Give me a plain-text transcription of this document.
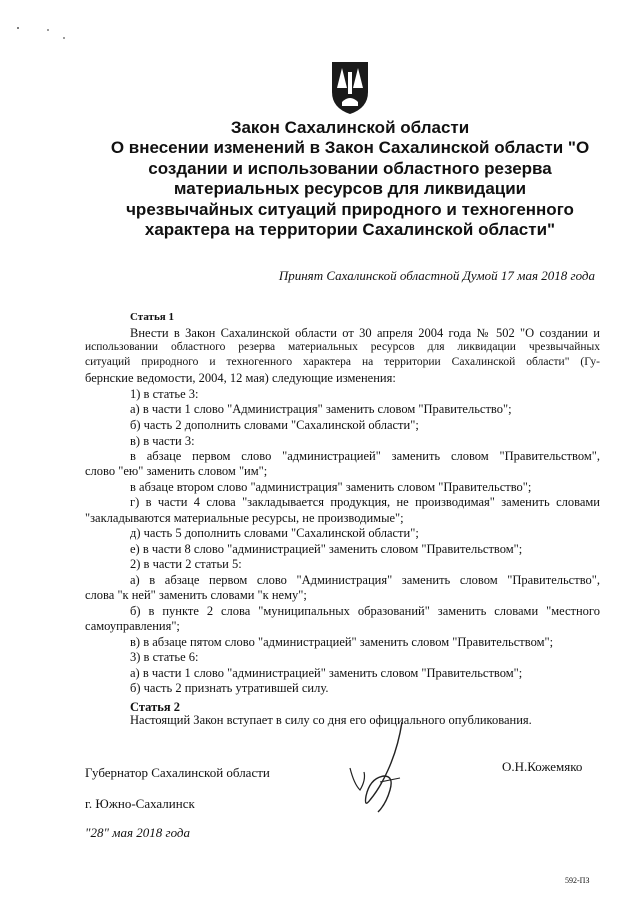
Закон Сахалинской области
О внесении изменений в Закон Сахалинской области "О создании и использовании областного резерва материальных ресурсов для ликвидации чрезвычайных ситуаций природного и техногенного характера на территории Сахалинской области"
Принят Сахалинской областной Думой 17 мая 2018 года
Статья 1
Внести в Закон Сахалинской области от 30 апреля 2004 года № 502 "О создании и
использовании областного резерва материальных ресурсов для ликвидации чрезвычайных
ситуаций природного и техногенного характера на территории Сахалинской области" (Гу-
бернские ведомости, 2004, 12 мая) следующие изменения:
1) в статье 3:
а) в части 1 слово "Администрация" заменить словом "Правительство";
б) часть 2 дополнить словами "Сахалинской области";
в) в части 3:
в абзаце первом слово "администрацией" заменить словом "Правительством",
слово "ею" заменить словом "им";
в абзаце втором слово "администрация" заменить словом "Правительство";
г) в части 4 слова "закладывается продукция, не производимая" заменить словами
"закладываются материальные ресурсы, не производимые";
д) часть 5 дополнить словами "Сахалинской области";
е) в части 8 слово "администрацией" заменить словом "Правительством";
2) в части 2 статьи 5:
а) в абзаце первом слово "Администрация" заменить словом "Правительство",
слова "к ней" заменить словами "к нему";
б) в пункте 2 слова "муниципальных образований" заменить словами "местного
самоуправления";
в) в абзаце пятом слово "администрацией" заменить словом "Правительством";
3) в статье 6:
а) в части 1 слово "администрацией" заменить словом "Правительством";
б) часть 2 признать утратившей силу.
Статья 2
Настоящий Закон вступает в силу со дня его официального опубликования.
Губернатор Сахалинской области	О.Н.Кожемяко
г. Южно-Сахалинск
"28" мая 2018 года
592-ПЗ
